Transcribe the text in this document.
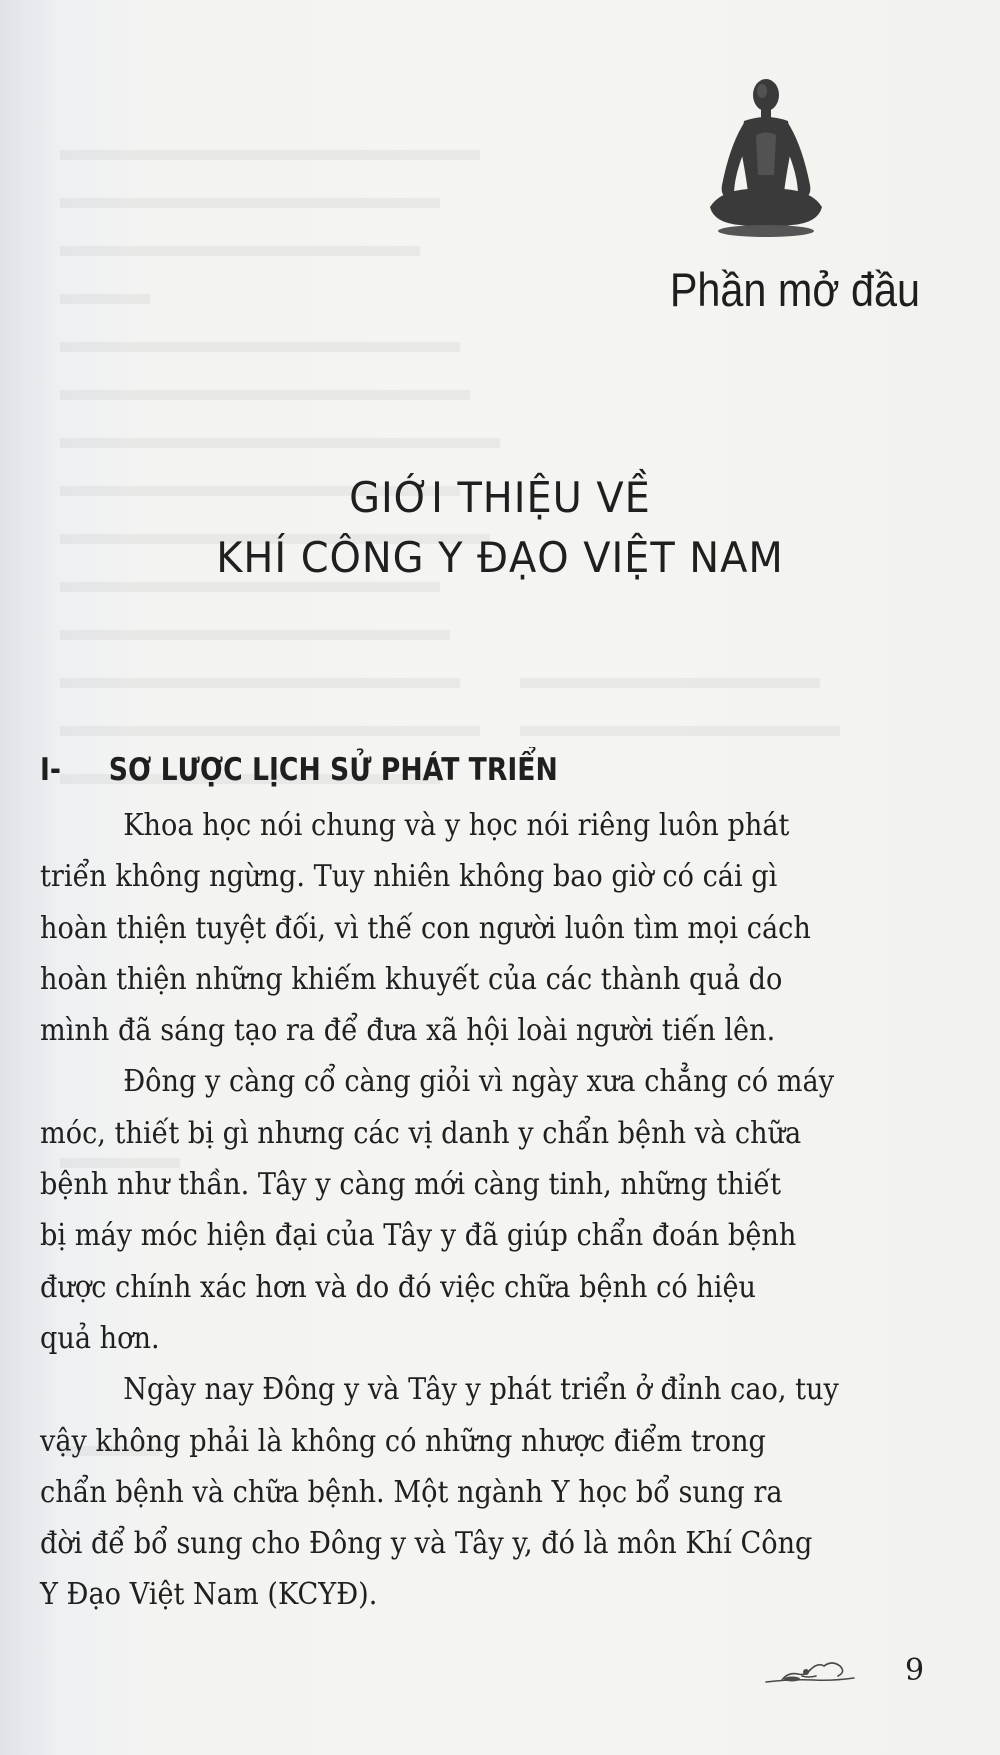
Phần mở đầu
GIỚI THIỆU VỀ
KHÍ CÔNG Y ĐẠO VIỆT NAM
I- SƠ LƯỢC LỊCH SỬ PHÁT TRIỂN

Khoa học nói chung và y học nói riêng luôn phát
triển không ngừng. Tuy nhiên không bao giờ có cái gì
hoàn thiện tuyệt đối, vì thế con người luôn tìm mọi cách
hoàn thiện những khiếm khuyết của các thành quả do
mình đã sáng tạo ra để đưa xã hội loài người tiến lên.

Đông y càng cổ càng giỏi vì ngày xưa chẳng có máy
móc, thiết bị gì nhưng các vị danh y chẩn bệnh và chữa
bệnh như thần. Tây y càng mới càng tinh, những thiết
bị máy móc hiện đại của Tây y đã giúp chẩn đoán bệnh
được chính xác hơn và do đó việc chữa bệnh có hiệu
quả hơn.

Ngày nay Đông y và Tây y phát triển ở đỉnh cao, tuy
vậy không phải là không có những nhược điểm trong
chẩn bệnh và chữa bệnh. Một ngành Y học bổ sung ra
đời để bổ sung cho Đông y và Tây y, đó là môn Khí Công
Y Đạo Việt Nam (KCYĐ).

9
